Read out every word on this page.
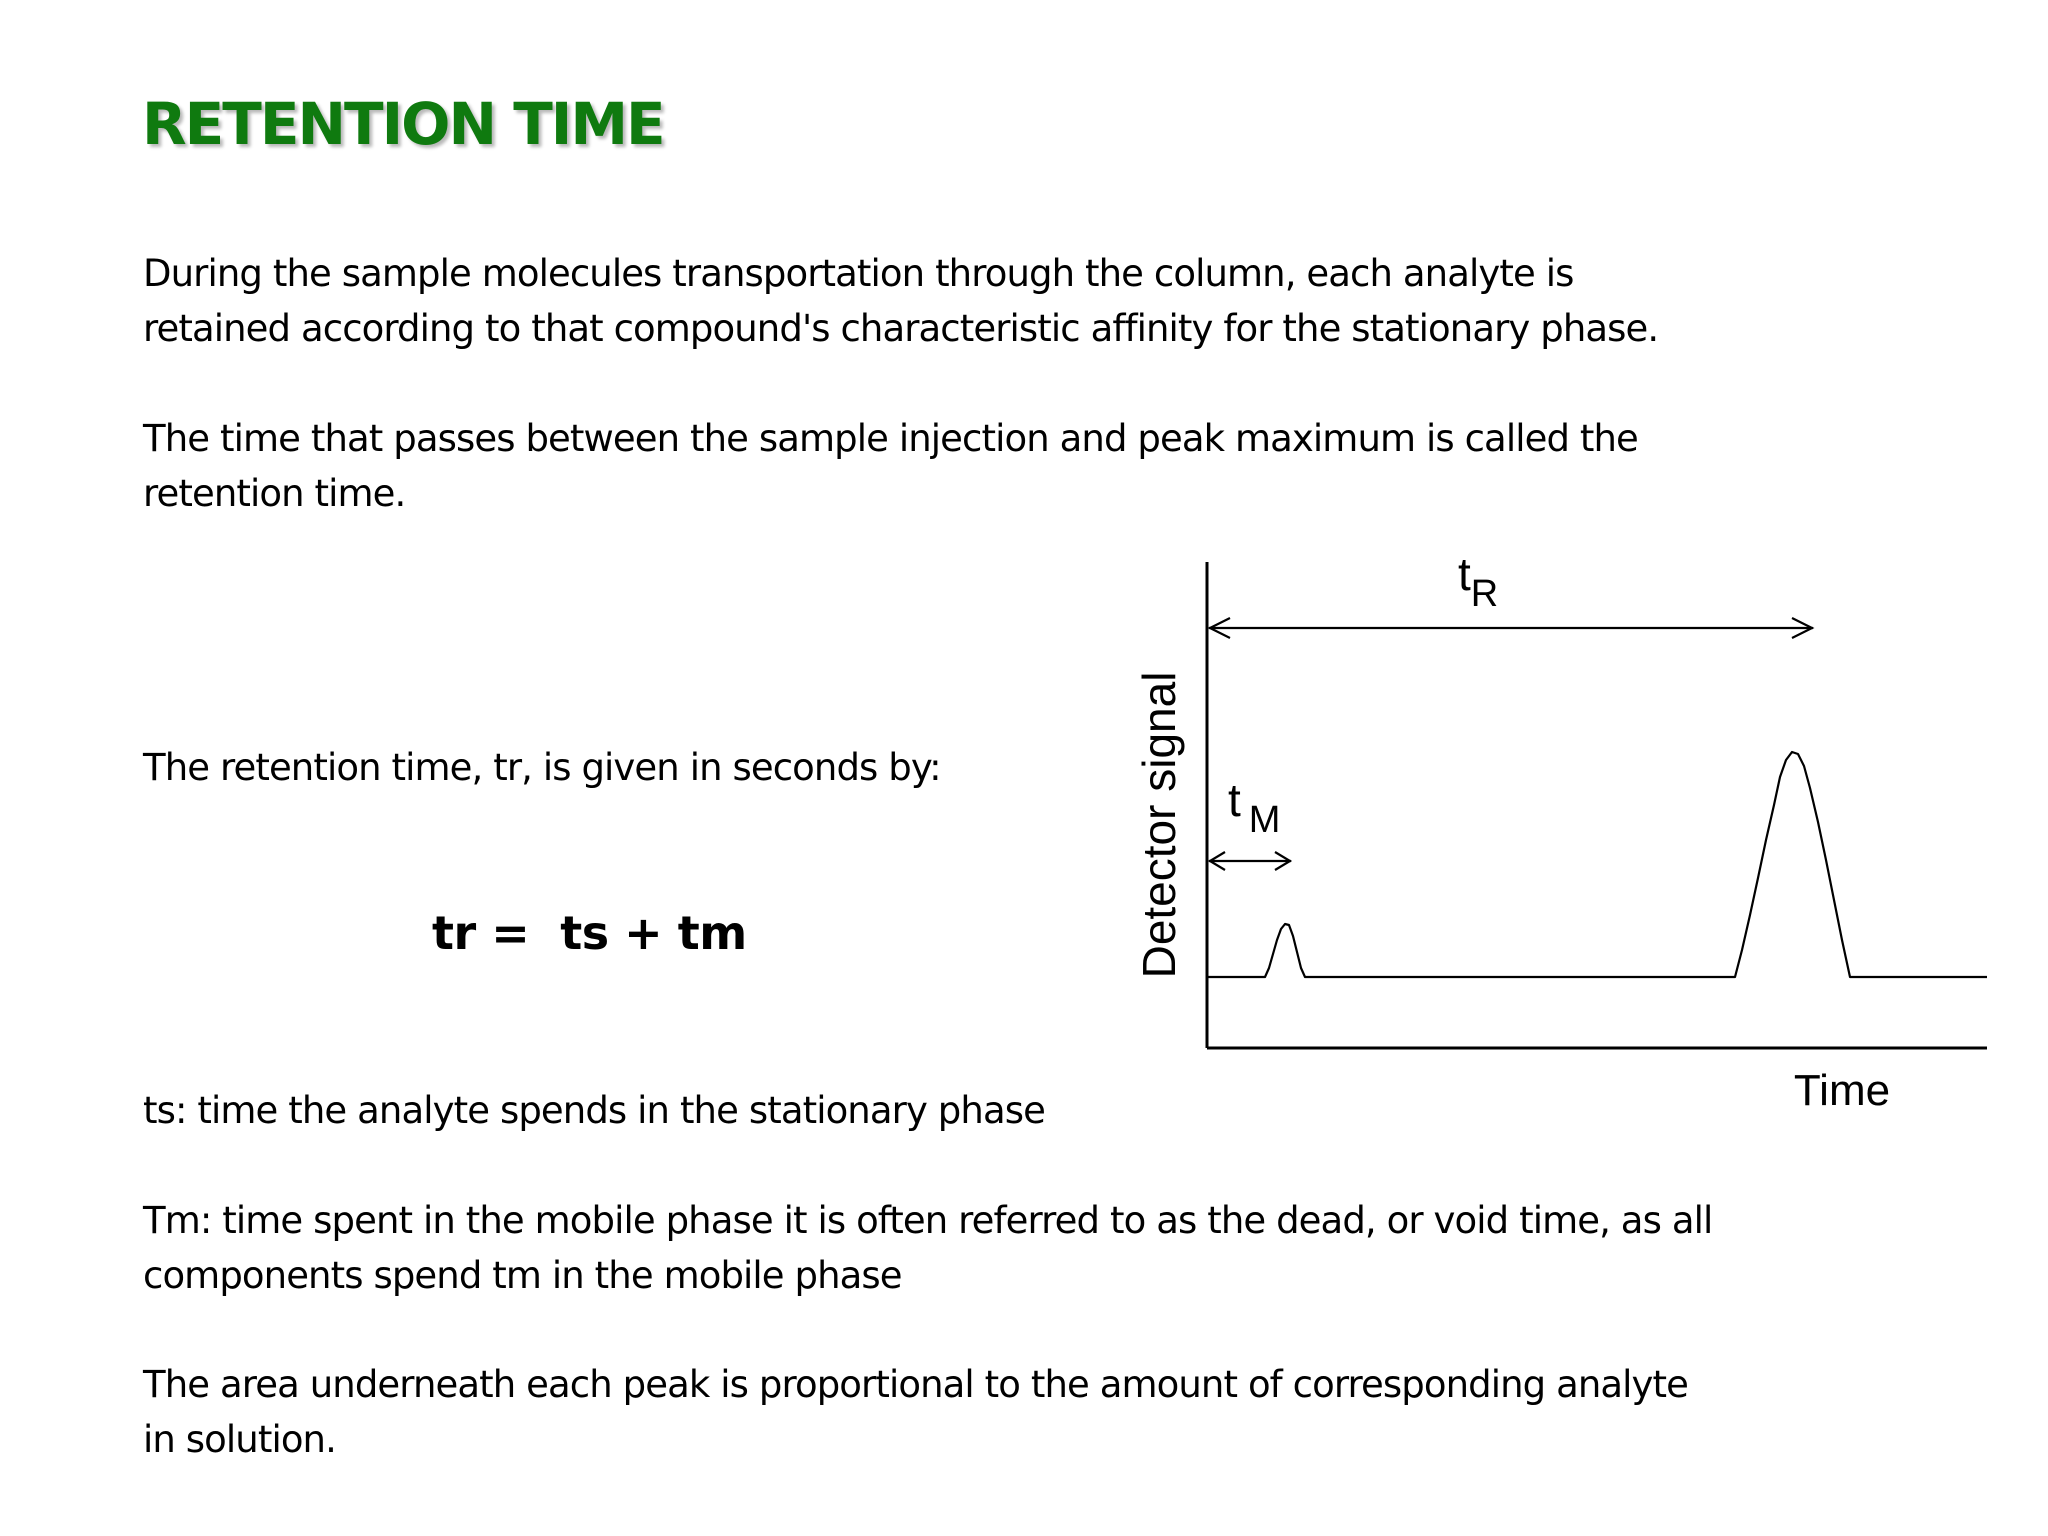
RETENTION TIME

During the sample molecules transportation through the column, each analyte is
retained according to that compound's characteristic affinity for the stationary phase.

The time that passes between the sample injection and peak maximum is called the
retention time.

The retention time, tr, is given in seconds by:

tr =  ts + tm

ts: time the analyte spends in the stationary phase

Tm: time spent in the mobile phase it is often referred to as the dead, or void time, as all
components spend tm in the mobile phase

The area underneath each peak is proportional to the amount of corresponding analyte
in solution.

tR
t M
Detector signal
Time
